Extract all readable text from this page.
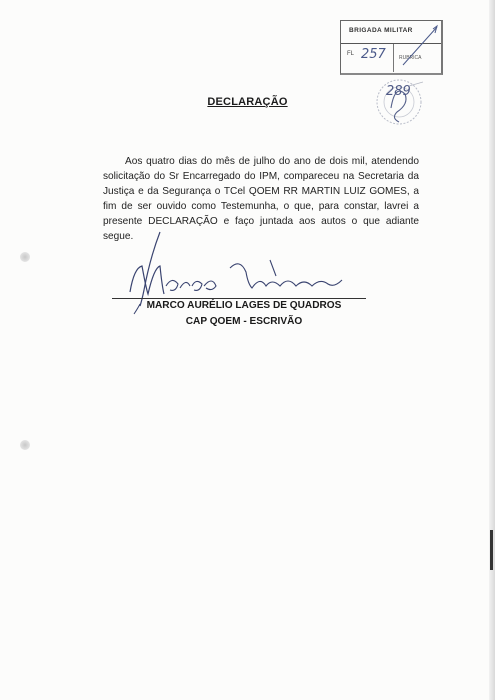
BRIGADA MILITAR
FL 257	RUBRICA
289
DECLARAÇÃO
Aos quatro dias do mês de julho do ano de dois mil, atendendo solicitação do Sr Encarregado do IPM, compareceu na Secretaria da Justiça e da Segurança o TCel QOEM RR MARTIN LUIZ GOMES, a fim de ser ouvido como Testemunha, o que, para constar, lavrei a presente DECLARAÇÃO e faço juntada aos autos o que adiante segue.
MARCO AURÉLIO LAGES DE QUADROS
CAP QOEM - ESCRIVÃO
